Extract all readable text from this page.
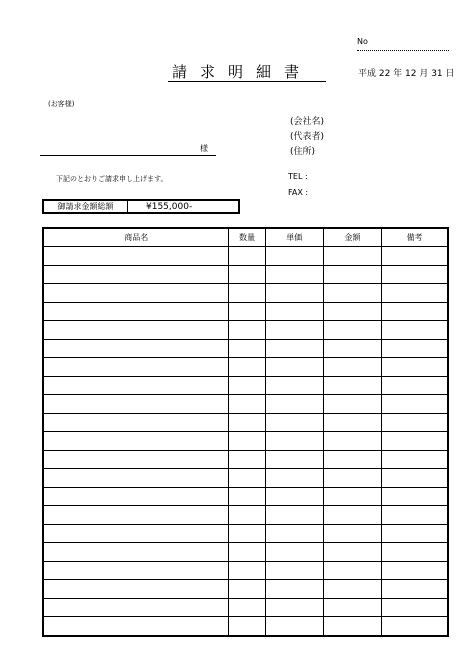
No
請求明細書	平成 22 年 12 月 31 日
(お客様)
(会社名)
(代表者)
(住所)
様
下記のとおりご請求申し上げます。	TEL :
FAX :
御請求金額総額	¥155,000-
商品名	数量	単価	金額	備考
